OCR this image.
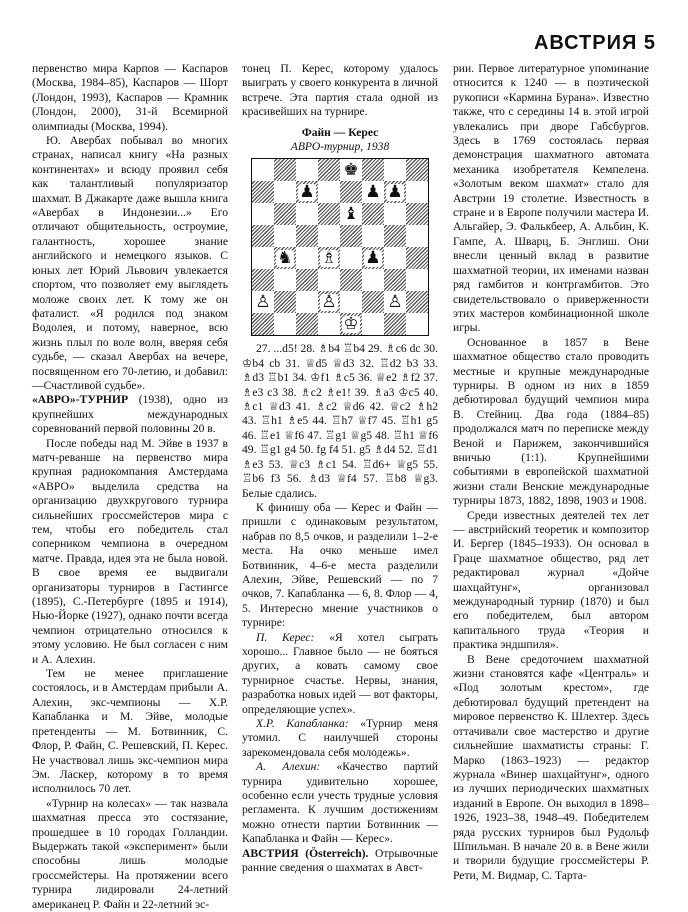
АВСТРИЯ 5

первенство мира Карпов — Каспаров (Москва, 1984–85), Каспаров — Шорт (Лондон, 1993), Каспаров — Крамник (Лондон, 2000), 31-й Всемирной олимпиады (Москва, 1994).

Ю. Авербах побывал во многих странах, написал книгу «На разных континентах» и всюду проявил себя как талантливый популяризатор шахмат. В Джакарте даже вышла книга «Авербах в Индонезии...» Его отличают общительность, остроумие, галантность, хорошее знание английского и немецкого языков. С юных лет Юрий Львович увлекается спортом, что позволяет ему выглядеть моложе своих лет. К тому же он фаталист. «Я родился под знаком Водолея, и потому, наверное, всю жизнь плыл по воле волн, вверяя себя судьбе, — сказал Авербах на вечере, посвященном его 70-летию, и добавил: —Счастливой судьбе».

«АВРО»-ТУРНИР (1938), одно из крупнейших международных соревнований первой половины 20 в.

После победы над М. Эйве в 1937 в матч-реванше на первенство мира крупная радиокомпания Амстердама «АВРО» выделила средства на организацию двухкругового турнира сильнейших гроссмейстеров мира с тем, чтобы его победитель стал соперником чемпиона в очередном матче. Правда, идея эта не была новой. В свое время ее выдвигали организаторы турниров в Гастингсе (1895), С.-Петербурге (1895 и 1914), Нью-Йорке (1927), однако почти всегда чемпион отрицательно относился к этому условию. Не был согласен с ним и А. Алехин.

Тем не менее приглашение состоялось, и в Амстердам прибыли А. Алехин, экс-чемпионы — Х.Р. Капабланка и М. Эйве, молодые претенденты — М. Ботвинник, С. Флор, Р. Файн, С. Решевский, П. Керес. Не участвовал лишь экс-чемпион мира Эм. Ласкер, которому в то время исполнилось 70 лет.

«Турнир на колесах» — так назвала шахматная пресса это состязание, прошедшее в 10 городах Голландии. Выдержать такой «эксперимент» были способны лишь молодые гроссмейстеры. На протяжении всего турнира лидировали 24-летний американец Р. Файн и 22-летний эс-

тонец П. Керес, которому удалось выиграть у своего конкурента в личной встрече. Эта партия стала одной из красивейших на турнире.

Файн — Керес
АВРО-турнир, 1938
♚
♟	♟ ♟
♝
♞ ♗ ♟
♙	♙	♙
♔

27. ...d5! 28. ♗b4 ♖b4 29. ♗c6 dc 30. ♔b4 cb 31. ♕d5 ♕d3 32. ♖d2 b3 33. ♗d3 ♖b1 34. ♔f1 ♗c5 36. ♕e2 ♗f2 37. ♗e3 c3 38. ♗c2 ♗e1! 39. ♗a3 ♔c5 40. ♗c1 ♕d3 41. ♗c2 ♕d6 42. ♕c2 ♗h2 43. ♖h1 ♗e5 44. ♖h7 ♕f7 45. ♖h1 g5 46. ♖e1 ♕f6 47. ♖g1 ♕g5 48. ♖h1 ♕f6 49. ♖g1 g4 50. fg f4 51. g5 ♗d4 52. ♖d1 ♗e3 53. ♕c3 ♗c1 54. ♖d6+ ♕g5 55. ♖b6 f3 56. ♗d3 ♕f4 57. ♖b8 ♕g3. Белые сдались.

К финишу оба — Керес и Файн — пришли с одинаковым результатом, набрав по 8,5 очков, и разделили 1–2-е места. На очко меньше имел Ботвинник, 4–6-е места разделили Алехин, Эйве, Решевский — по 7 очков, 7. Капабланка — 6, 8. Флор — 4, 5. Интересно мнение участников о турнире:

П. Керес: «Я хотел сыграть хорошо... Главное было — не бояться других, а ковать самому свое турнирное счастье. Нервы, знания, разработка новых идей — вот факторы, определяющие успех».

Х.Р. Капабланка: «Турнир меня утомил. С наилучшей стороны зарекомендовала себя молодежь».

А. Алехин: «Качество партий турнира удивительно хорошее, особенно если учесть трудные условия регламента. К лучшим достижениям можно отнести партии Ботвинник — Капабланка и Файн — Керес».

АВСТРИЯ (Österreich). Отрывочные ранние сведения о шахматах в Авст-

рии. Первое литературное упоминание относится к 1240 — в поэтической рукописи «Кармина Бурана». Известно также, что с середины 14 в. этой игрой увлекались при дворе Габсбургов. Здесь в 1769 состоялась первая демонстрация шахматного автомата механика изобретателя Кемпелена. «Золотым веком шахмат» стало для Австрии 19 столетие. Известность в стране и в Европе получили мастера И. Альгайер, Э. Фалькбеер, А. Альбин, К. Гампе, А. Шварц, Б. Энглиш. Они внесли ценный вклад в развитие шахматной теории, их именами назван ряд гамбитов и контргамбитов. Это свидетельствовало о приверженности этих мастеров комбинационной школе игры.

Основанное в 1857 в Вене шахматное общество стало проводить местные и крупные международные турниры. В одном из них в 1859 дебютировал будущий чемпион мира В. Стейниц. Два года (1884–85) продолжался матч по переписке между Веной и Парижем, закончившийся вничью (1:1). Крупнейшими событиями в европейской шахматной жизни стали Венские международные турниры 1873, 1882, 1898, 1903 и 1908.

Среди известных деятелей тех лет — австрийский теоретик и композитор И. Бергер (1845–1933). Он основал в Граце шахматное общество, ряд лет редактировал журнал «Дойче шахцайтунг», организовал международный турнир (1870) и был его победителем, был автором капитального труда «Теория и практика эндшпиля».

В Вене средоточием шахматной жизни становятся кафе «Централь» и «Под золотым крестом», где дебютировал будущий претендент на мировое первенство К. Шлехтер. Здесь оттачивали свое мастерство и другие сильнейшие шахматисты страны: Г. Марко (1863–1923) — редактор журнала «Винер шахцайтунг», одного из лучших периодических шахматных изданий в Европе. Он выходил в 1898–1926, 1923–38, 1948–49. Победителем ряда русских турниров был Рудольф Шпильман. В начале 20 в. в Вене жили и творили будущие гроссмейстеры Р. Рети, М. Видмар, С. Тарта-
